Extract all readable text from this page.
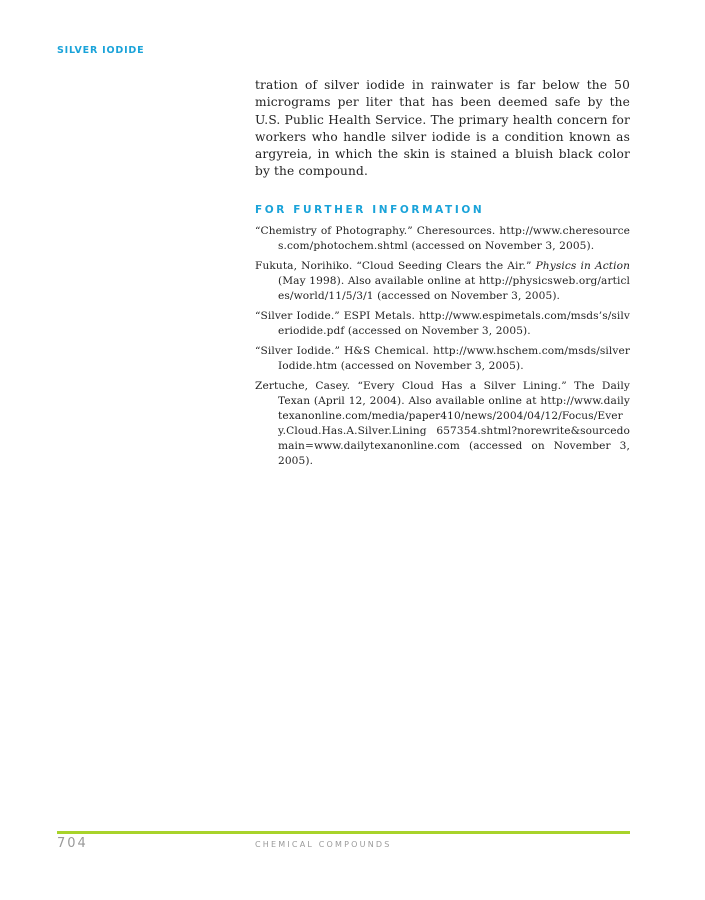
SILVER IODIDE

tration of silver iodide in rainwater is far below the 50 micrograms per liter that has been deemed safe by the U.S. Public Health Service. The primary health concern for workers who handle silver iodide is a condition known as argyreia, in which the skin is stained a bluish black color by the compound.

FOR FURTHER INFORMATION
“Chemistry of Photography.” Cheresources. http://www.cheresources.com/photochem.shtml (accessed on November 3, 2005).
Fukuta, Norihiko. “Cloud Seeding Clears the Air.” Physics in Action (May 1998). Also available online at http://physicsweb.org/articles/world/11/5/3/1 (accessed on November 3, 2005).
“Silver Iodide.” ESPI Metals. http://www.espimetals.com/msds’s/silveriodide.pdf (accessed on November 3, 2005).
“Silver Iodide.” H&S Chemical. http://www.hschem.com/msds/silverIodide.htm (accessed on November 3, 2005).
Zertuche, Casey. “Every Cloud Has a Silver Lining.” The Daily Texan (April 12, 2004). Also available online at http://www.dailytexanonline.com/media/paper410/news/2004/04/12/Focus/Every.Cloud.Has.A.Silver.Lining 657354.shtml?norewrite&sourcedomain=www.dailytexanonline.com (accessed on November 3, 2005).
704	CHEMICAL COMPOUNDS
